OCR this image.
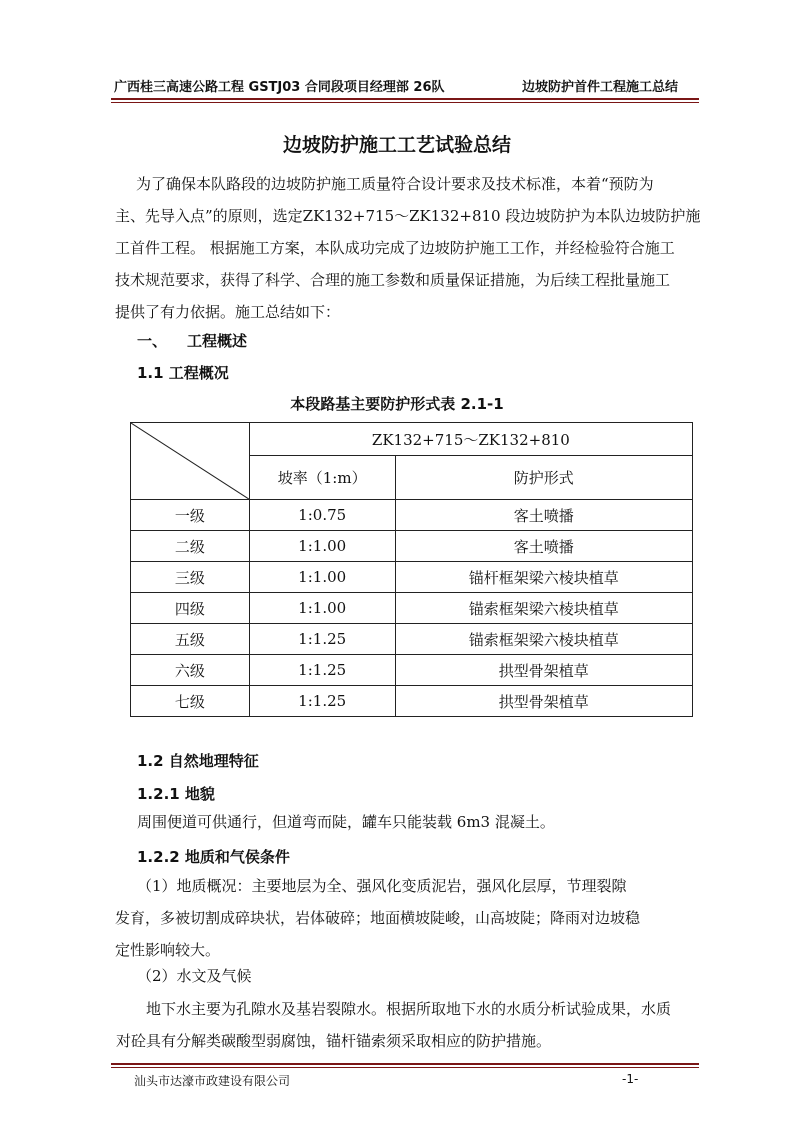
广西桂三高速公路工程 GSTJ03 合同段项目经理部 26队	边坡防护首件工程施工总结
边坡防护施工工艺试验总结
为了确保本队路段的边坡防护施工质量符合设计要求及技术标准，本着“预防为
主、先导入点”的原则，选定ZK132+715～ZK132+810 段边坡防护为本队边坡防护施
工首件工程。 根据施工方案，本队成功完成了边坡防护施工工作，并经检验符合施工
技术规范要求，获得了科学、合理的施工参数和质量保证措施，为后续工程批量施工
提供了有力依据。施工总结如下：
一、 工程概述
1.1 工程概况
本段路基主要防护形式表 2.1-1
	ZK132+715～ZK132+810	
	坡率（1:m）	防护形式
一级	1:0.75	客土喷播
二级	1:1.00	客土喷播
三级	1:1.00	锚杆框架梁六棱块植草
四级	1:1.00	锚索框架梁六棱块植草
五级	1:1.25	锚索框架梁六棱块植草
六级	1:1.25	拱型骨架植草
七级	1:1.25	拱型骨架植草
1.2 自然地理特征
1.2.1 地貌
周围便道可供通行，但道弯而陡，罐车只能装载 6m3 混凝土。
1.2.2 地质和气侯条件
（1）地质概况：主要地层为全、强风化变质泥岩，强风化层厚，节理裂隙
发育，多被切割成碎块状，岩体破碎；地面横坡陡峻，山高坡陡；降雨对边坡稳
定性影响较大。
（2）水文及气候
地下水主要为孔隙水及基岩裂隙水。根据所取地下水的水质分析试验成果，水质
对砼具有分解类碳酸型弱腐蚀，锚杆锚索须采取相应的防护措施。
汕头市达濠市政建设有限公司	-1-
